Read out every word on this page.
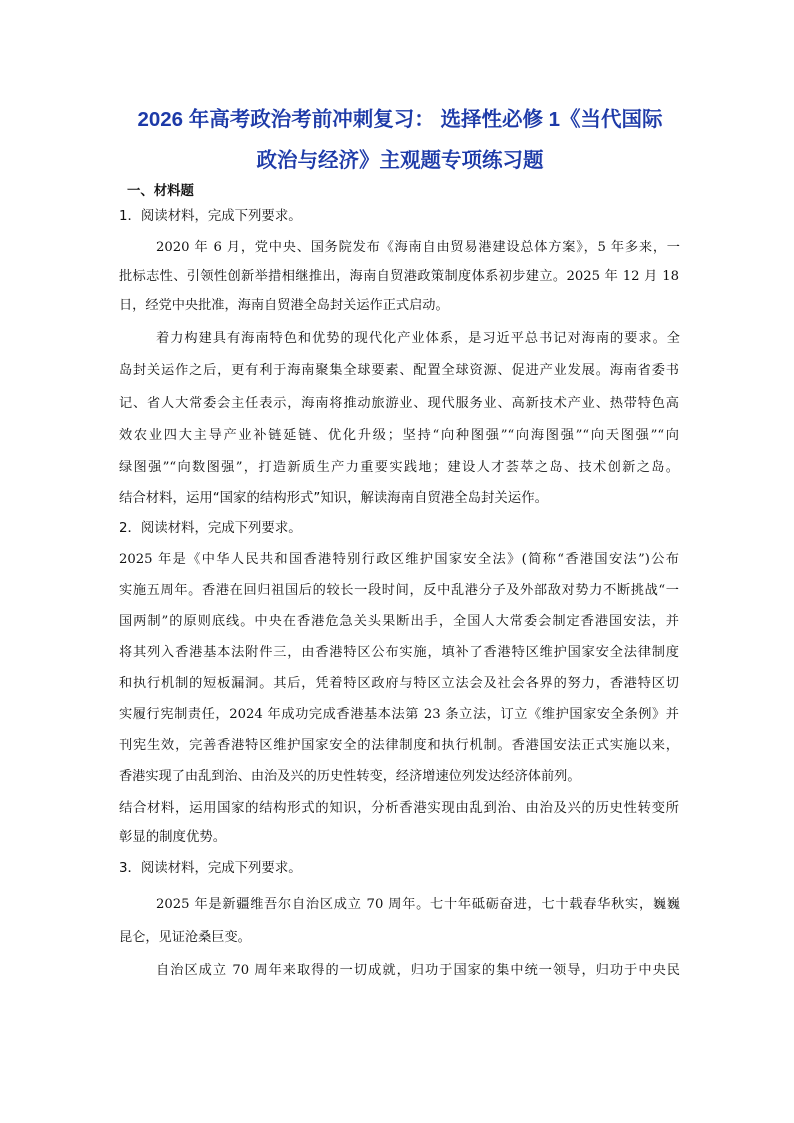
2026 年高考政治考前冲刺复习： 选择性必修 1《当代国际
政治与经济》主观题专项练习题
一、材料题
1．阅读材料，完成下列要求。
2020 年 6 月，党中央、国务院发布《海南自由贸易港建设总体方案》，5 年多来，一
批标志性、引领性创新举措相继推出，海南自贸港政策制度体系初步建立。2025 年 12 月 18
日，经党中央批准，海南自贸港全岛封关运作正式启动。
着力构建具有海南特色和优势的现代化产业体系，是习近平总书记对海南的要求。全
岛封关运作之后，更有利于海南聚集全球要素、配置全球资源、促进产业发展。海南省委书
记、省人大常委会主任表示，海南将推动旅游业、现代服务业、高新技术产业、热带特色高
效农业四大主导产业补链延链、优化升级；坚持“向种图强”“向海图强”“向天图强”“向
绿图强”“向数图强”，打造新质生产力重要实践地；建设人才荟萃之岛、技术创新之岛。
结合材料，运用“国家的结构形式”知识，解读海南自贸港全岛封关运作。
2．阅读材料，完成下列要求。
2025 年是《中华人民共和国香港特别行政区维护国家安全法》(简称“香港国安法”)公布
实施五周年。香港在回归祖国后的较长一段时间，反中乱港分子及外部敌对势力不断挑战“一
国两制”的原则底线。中央在香港危急关头果断出手，全国人大常委会制定香港国安法，并
将其列入香港基本法附件三，由香港特区公布实施，填补了香港特区维护国家安全法律制度
和执行机制的短板漏洞。其后，凭着特区政府与特区立法会及社会各界的努力，香港特区切
实履行宪制责任，2024 年成功完成香港基本法第 23 条立法，订立《维护国家安全条例》并
刊宪生效，完善香港特区维护国家安全的法律制度和执行机制。香港国安法正式实施以来，
香港实现了由乱到治、由治及兴的历史性转变，经济增速位列发达经济体前列。
结合材料，运用国家的结构形式的知识，分析香港实现由乱到治、由治及兴的历史性转变所
彰显的制度优势。
3．阅读材料，完成下列要求。
2025 年是新疆维吾尔自治区成立 70 周年。七十年砥砺奋进，七十载春华秋实，巍巍
昆仑，见证沧桑巨变。
自治区成立 70 周年来取得的一切成就，归功于国家的集中统一领导，归功于中央民
